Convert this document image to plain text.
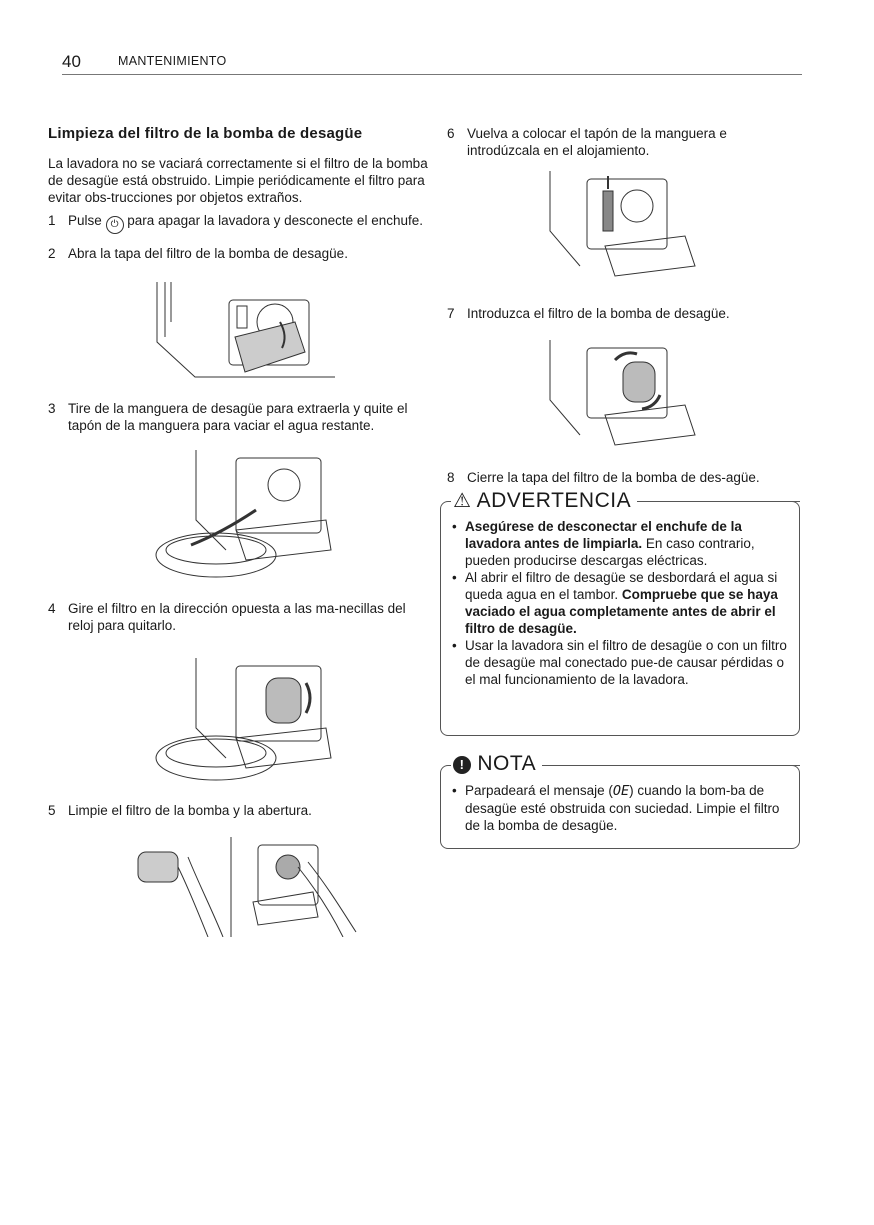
40	MANTENIMIENTO
Limpieza del filtro de la bomba de desagüe

La lavadora no se vaciará correctamente si el filtro de la bomba de desagüe está obstruido. Limpie periódicamente el filtro para evitar obs-trucciones por objetos extraños.

1 Pulse ⏻ para apagar la lavadora y desconecte el enchufe.
2 Abra la tapa del filtro de la bomba de desagüe.
3 Tire de la manguera de desagüe para extraerla y quite el tapón de la manguera para vaciar el agua restante.
4 Gire el filtro en la dirección opuesta a las ma-necillas del reloj para quitarlo.
5 Limpie el filtro de la bomba y la abertura.
6 Vuelva a colocar el tapón de la manguera e introdúzcala en el alojamiento.
7 Introduzca el filtro de la bomba de desagüe.
8 Cierre la tapa del filtro de la bomba de des-agüe.
⚠ ADVERTENCIA
• Asegúrese de desconectar el enchufe de la lavadora antes de limpiarla. En caso contrario, pueden producirse descargas eléctricas.
• Al abrir el filtro de desagüe se desbordará el agua si queda agua en el tambor. Compruebe que se haya vaciado el agua completamente antes de abrir el filtro de desagüe.
• Usar la lavadora sin el filtro de desagüe o con un filtro de desagüe mal conectado pue-de causar pérdidas o el mal funcionamiento de la lavadora.
! NOTA
• Parpadeará el mensaje (OE) cuando la bom-ba de desagüe esté obstruida con suciedad. Limpie el filtro de la bomba de desagüe.
